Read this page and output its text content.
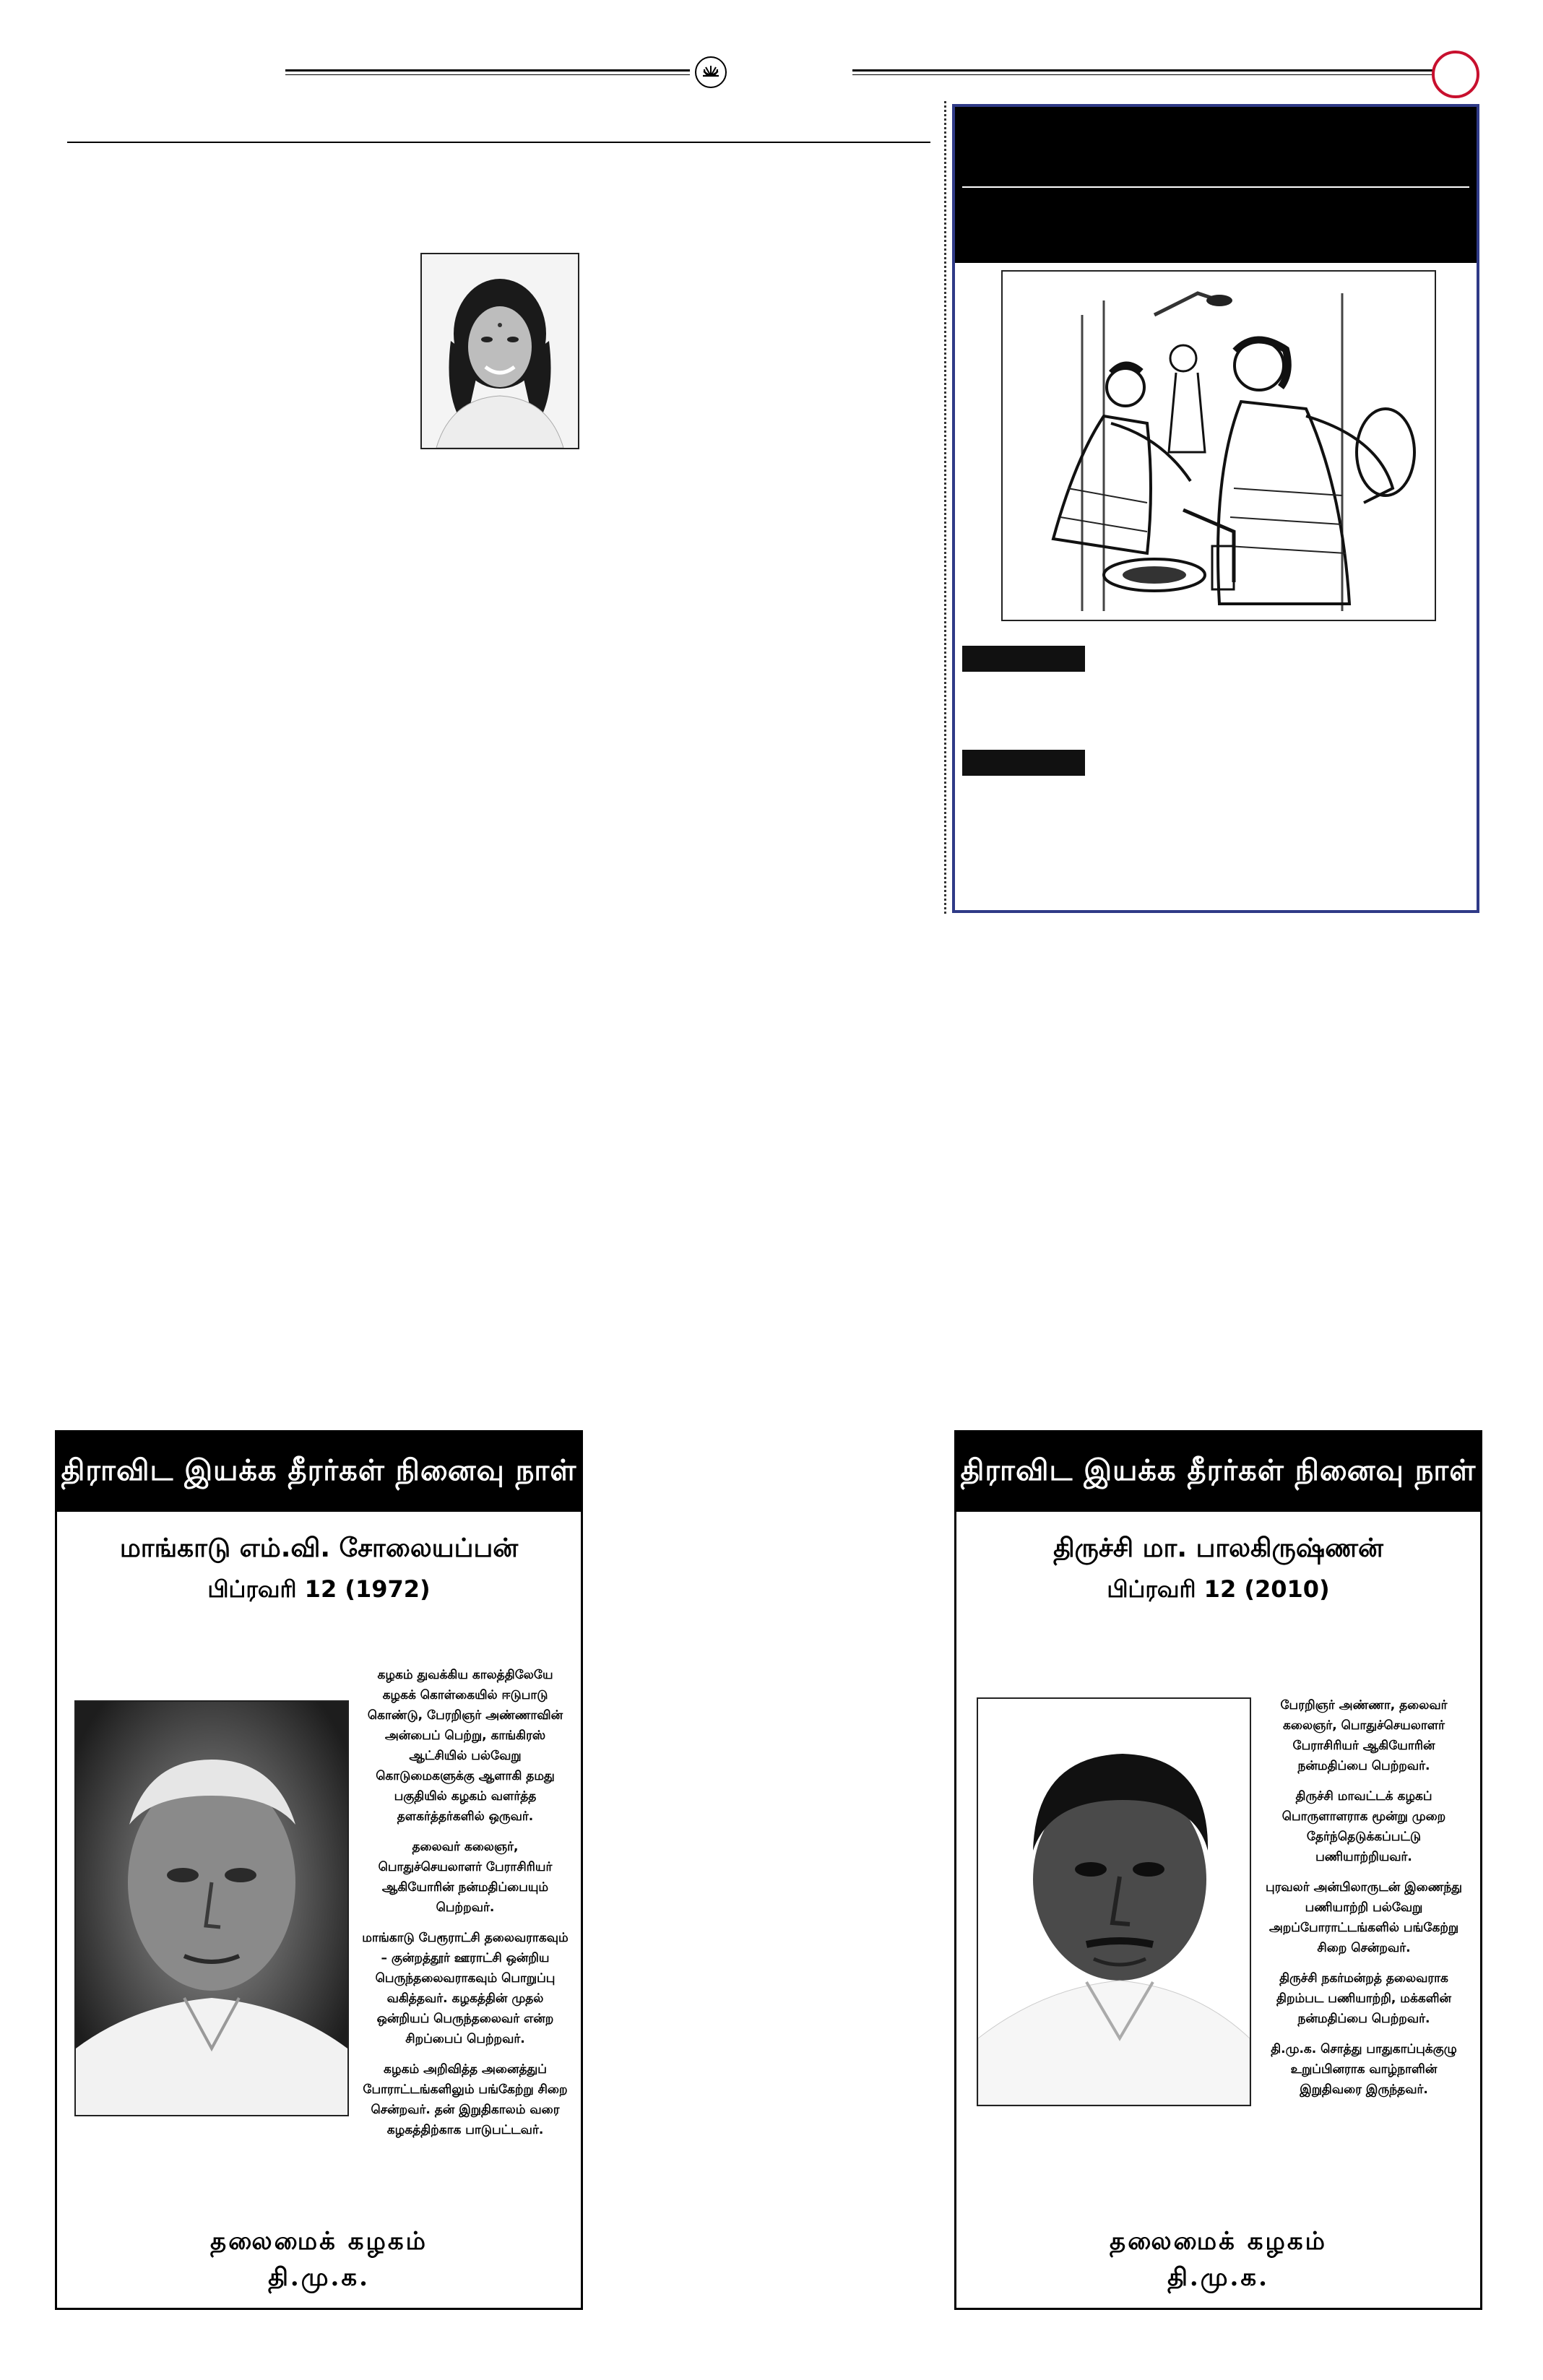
திராவிட இயக்க தீரர்கள் நினைவு நாள்
மாங்காடு எம்.வி. சோலையப்பன்
பிப்ரவரி 12 (1972)

கழகம் துவக்கிய காலத்திலேயே கழகக் கொள்கையில் ஈடுபாடு கொண்டு, பேரறிஞர் அண்ணாவின் அன்பைப் பெற்று, காங்கிரஸ் ஆட்சியில் பல்வேறு கொடுமைகளுக்கு ஆளாகி தமது பகுதியில் கழகம் வளர்த்த தளகர்த்தர்களில் ஒருவர்.

தலைவர் கலைஞர், பொதுச்செயலாளர் பேராசிரியர் ஆகியோரின் நன்மதிப்பையும் பெற்றவர்.

மாங்காடு பேரூராட்சி தலைவராகவும் – குன்றத்தூர் ஊராட்சி ஒன்றிய பெருந்தலைவராகவும் பொறுப்பு வகித்தவர். கழகத்தின் முதல் ஒன்றியப் பெருந்தலைவர் என்ற சிறப்பைப் பெற்றவர்.

கழகம் அறிவித்த அனைத்துப் போராட்டங்களிலும் பங்கேற்று சிறை சென்றவர். தன் இறுதிகாலம் வரை கழகத்திற்காக பாடுபட்டவர்.

தலைமைக் கழகம்
தி.மு.க.
திராவிட இயக்க தீரர்கள் நினைவு நாள்
திருச்சி மா. பாலகிருஷ்ணன்
பிப்ரவரி 12 (2010)

பேரறிஞர் அண்ணா, தலைவர் கலைஞர், பொதுச்செயலாளர் பேராசிரியர் ஆகியோரின் நன்மதிப்பை பெற்றவர்.

திருச்சி மாவட்டக் கழகப் பொருளாளராக மூன்று முறை தேர்ந்தெடுக்கப்பட்டு பணியாற்றியவர்.

புரவலர் அன்பிலாருடன் இணைந்து பணியாற்றி பல்வேறு அறப்போராட்டங்களில் பங்கேற்று சிறை சென்றவர்.

திருச்சி நகர்மன்றத் தலைவராக திறம்பட பணியாற்றி, மக்களின் நன்மதிப்பை பெற்றவர்.

தி.மு.க. சொத்து பாதுகாப்புக்குழு உறுப்பினராக வாழ்நாளின் இறுதிவரை இருந்தவர்.

தலைமைக் கழகம்
தி.மு.க.
